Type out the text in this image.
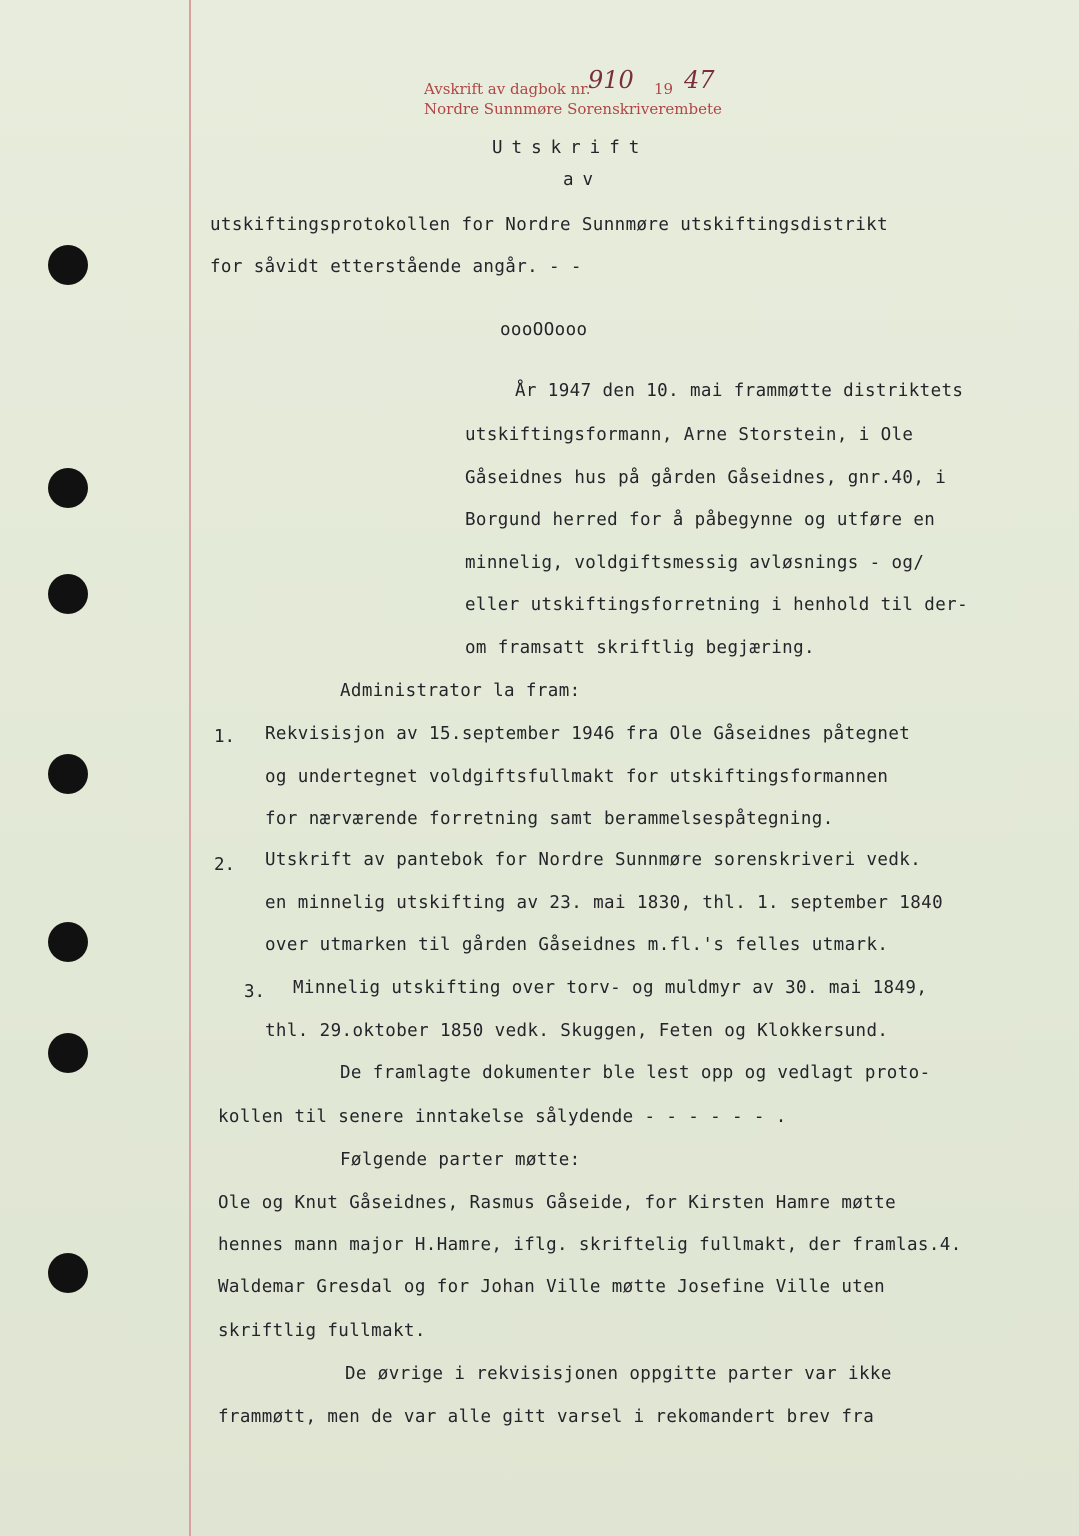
Avskrift av dagbok nr.
910 19 47
Nordre Sunnmøre Sorenskriverembete
Utskrift
av
utskiftingsprotokollen for Nordre Sunnmøre utskiftingsdistrikt
for såvidt etterstående angår. - -
oooOOooo
År 1947 den 10. mai frammøtte distriktets
utskiftingsformann, Arne Storstein, i Ole
Gåseidnes hus på gården Gåseidnes, gnr.40, i
Borgund herred for å påbegynne og utføre en
minnelig, voldgiftsmessig avløsnings - og/
eller utskiftingsforretning i henhold til der-
om framsatt skriftlig begjæring.
Administrator la fram:
1. Rekvisisjon av 15.september 1946 fra Ole Gåseidnes påtegnet
og undertegnet voldgiftsfullmakt for utskiftingsformannen
for nærværende forretning samt berammelsespåtegning.
2. Utskrift av pantebok for Nordre Sunnmøre sorenskriveri vedk.
en minnelig utskifting av 23. mai 1830, thl. 1. september 1840
over utmarken til gården Gåseidnes m.fl.'s felles utmark.
3. Minnelig utskifting over torv- og muldmyr av 30. mai 1849,
thl. 29.oktober 1850 vedk. Skuggen, Feten og Klokkersund.
De framlagte dokumenter ble lest opp og vedlagt proto-
kollen til senere inntakelse sålydende - - - - - - .
Følgende parter møtte:
Ole og Knut Gåseidnes, Rasmus Gåseide, for Kirsten Hamre møtte
hennes mann major H.Hamre, iflg. skriftelig fullmakt, der framlas.4.
Waldemar Gresdal og for Johan Ville møtte Josefine Ville uten
skriftlig fullmakt.
De øvrige i rekvisisjonen oppgitte parter var ikke
frammøtt, men de var alle gitt varsel i rekomandert brev fra
